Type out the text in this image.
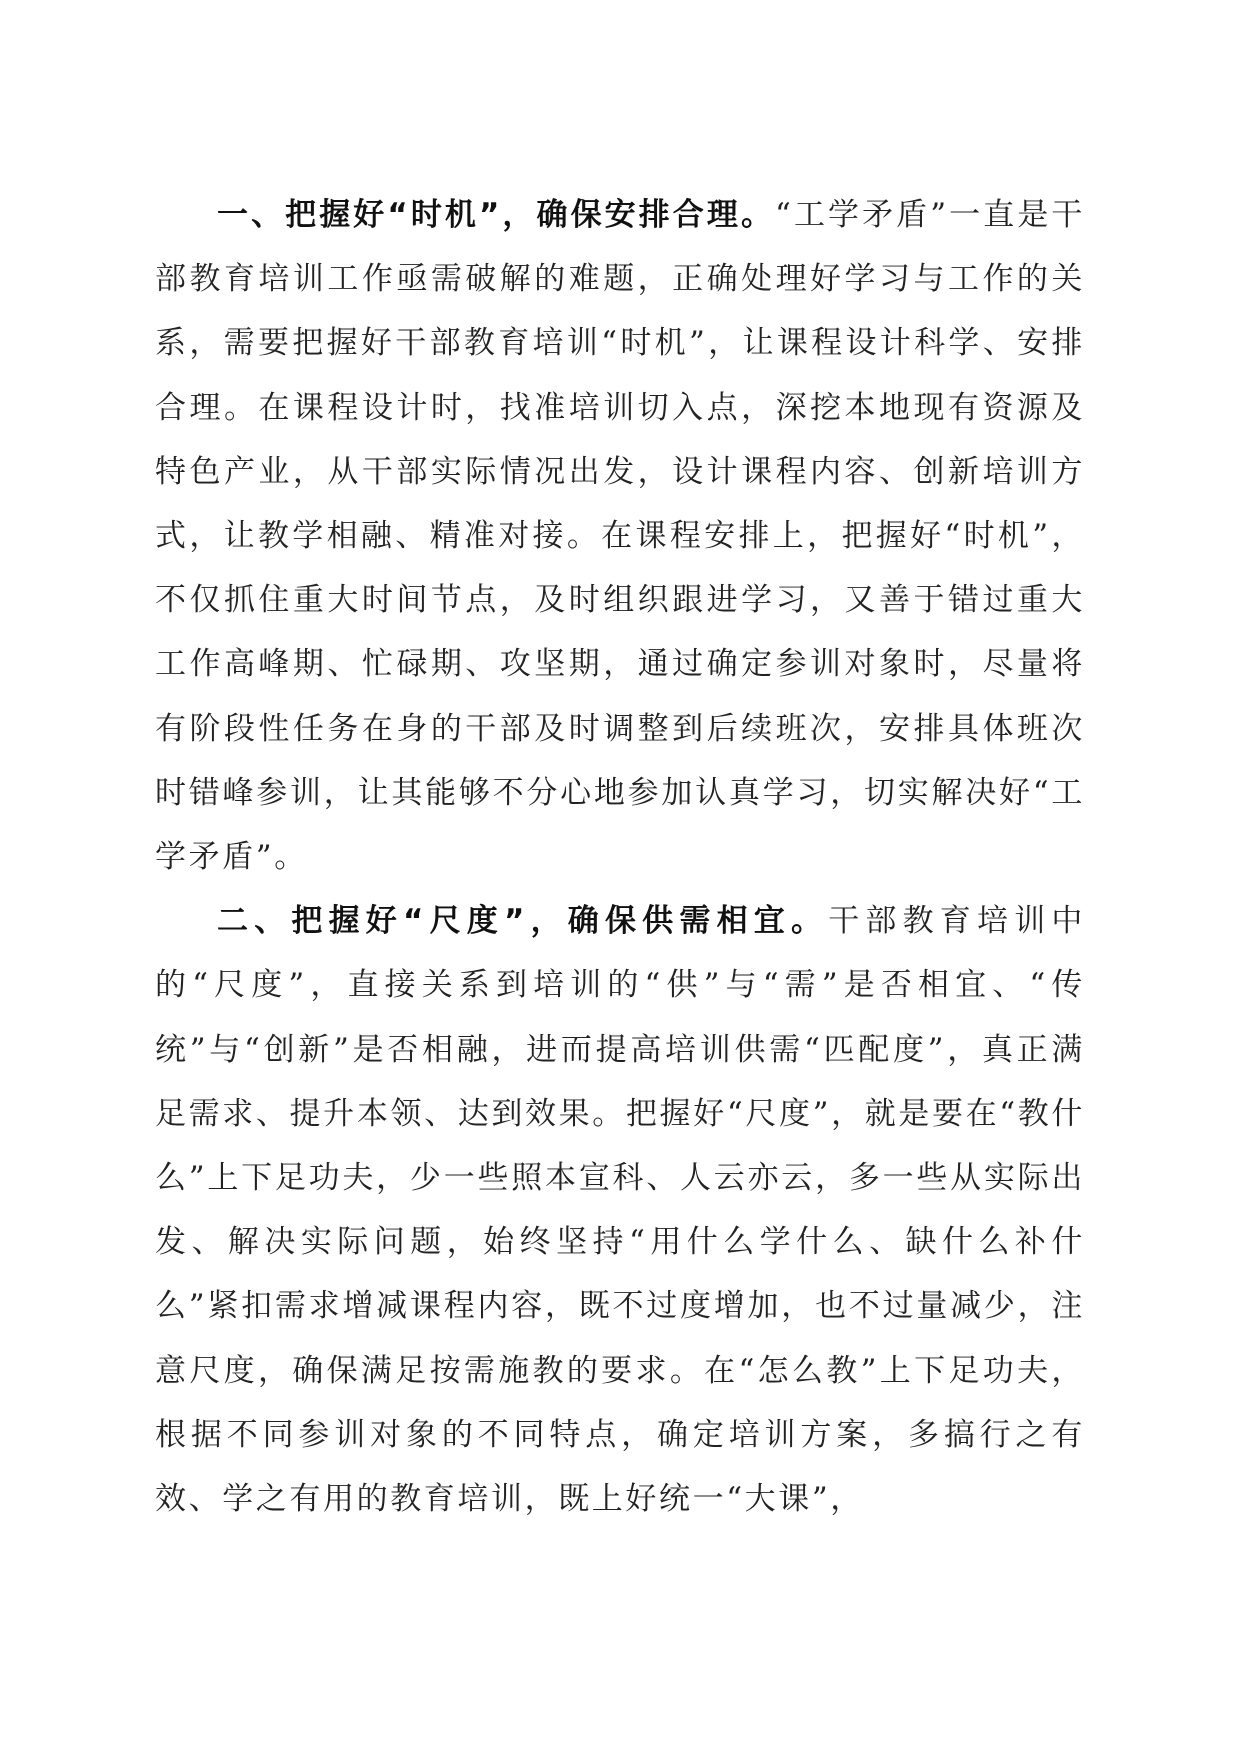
一、把握好“时机”，确保安排合理。“工学矛盾”一直是干部教育培训工作亟需破解的难题，正确处理好学习与工作的关系，需要把握好干部教育培训“时机”，让课程设计科学、安排合理。在课程设计时，找准培训切入点，深挖本地现有资源及特色产业，从干部实际情况出发，设计课程内容、创新培训方式，让教学相融、精准对接。在课程安排上，把握好“时机”，不仅抓住重大时间节点，及时组织跟进学习，又善于错过重大工作高峰期、忙碌期、攻坚期，通过确定参训对象时，尽量将有阶段性任务在身的干部及时调整到后续班次，安排具体班次时错峰参训，让其能够不分心地参加认真学习，切实解决好“工学矛盾”。

二、把握好“尺度”，确保供需相宜。干部教育培训中的“尺度”，直接关系到培训的“供”与“需”是否相宜、“传统”与“创新”是否相融，进而提高培训供需“匹配度”，真正满足需求、提升本领、达到效果。把握好“尺度”，就是要在“教什么”上下足功夫，少一些照本宣科、人云亦云，多一些从实际出发、解决实际问题，始终坚持“用什么学什么、缺什么补什么”紧扣需求增减课程内容，既不过度增加，也不过量减少，注意尺度，确保满足按需施教的要求。在“怎么教”上下足功夫，根据不同参训对象的不同特点，确定培训方案，多搞行之有效、学之有用的教育培训，既上好统一“大课”，
